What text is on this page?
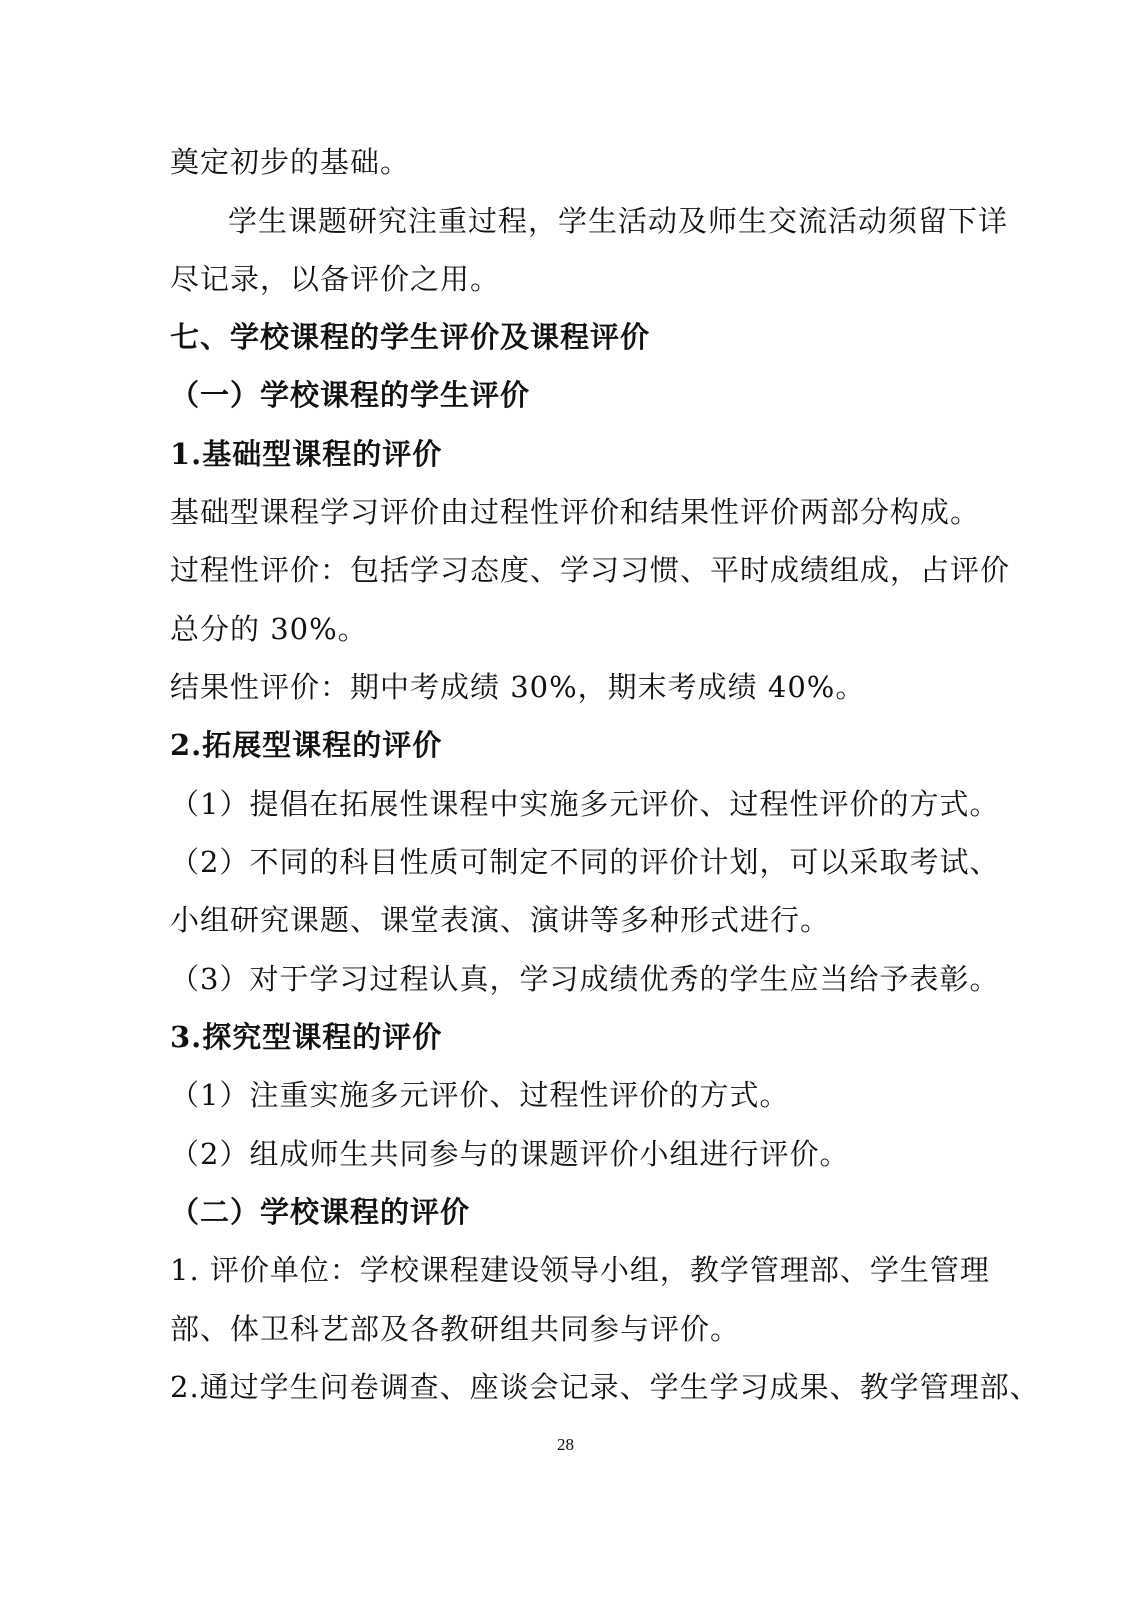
奠定初步的基础。
学生课题研究注重过程，学生活动及师生交流活动须留下详
尽记录，以备评价之用。
七、学校课程的学生评价及课程评价
（一）学校课程的学生评价
1.基础型课程的评价
基础型课程学习评价由过程性评价和结果性评价两部分构成。
过程性评价：包括学习态度、学习习惯、平时成绩组成，占评价
总分的 30%。
结果性评价：期中考成绩 30%，期末考成绩 40%。
2.拓展型课程的评价
（1）提倡在拓展性课程中实施多元评价、过程性评价的方式。
（2）不同的科目性质可制定不同的评价计划，可以采取考试、
小组研究课题、课堂表演、演讲等多种形式进行。
（3）对于学习过程认真，学习成绩优秀的学生应当给予表彰。
3.探究型课程的评价
（1）注重实施多元评价、过程性评价的方式。
（2）组成师生共同参与的课题评价小组进行评价。
（二）学校课程的评价
1. 评价单位：学校课程建设领导小组，教学管理部、学生管理
部、体卫科艺部及各教研组共同参与评价。
2.通过学生问卷调查、座谈会记录、学生学习成果、教学管理部、
28
